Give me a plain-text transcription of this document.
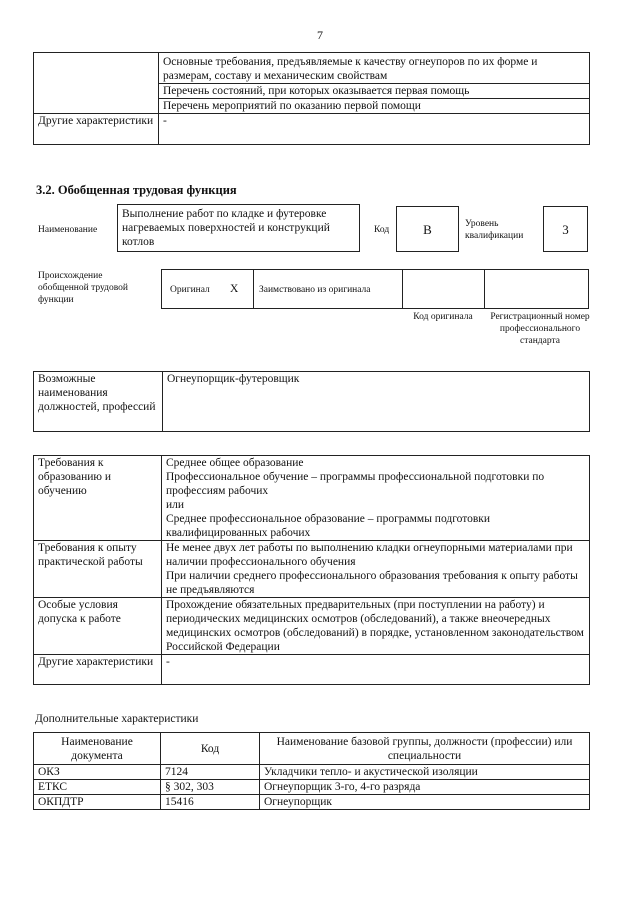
7
	Основные требования, предъявляемые к качеству огнеупоров по их форме и размерам, составу и механическим свойствам
	Перечень состояний, при которых оказывается первая помощь
	Перечень мероприятий по оказанию первой помощи
Другие характеристики	-
3.2. Обобщенная трудовая функция
Наименование
Выполнение работ по кладке и футеровке нагреваемых поверхностей и конструкций котлов
Код	B	Уровень квалификации	3
Происхождение обобщенной трудовой функции
Оригинал X Заимствовано из оригинала
Код оригинала	Регистрационный номер профессионального стандарта
Возможные наименования должностей, профессий	Огнеупорщик-футеровщик
Требования к образованию и обучению	Среднее общее образование
Профессиональное обучение – программы профессиональной подготовки по профессиям рабочих
или
Среднее профессиональное образование – программы подготовки квалифицированных рабочих

Требования к опыту практической работы	Не менее двух лет работы по выполнению кладки огнеупорными материалами при наличии профессионального обучения
При наличии среднего профессионального образования требования к опыту работы не предъявляются

Особые условия допуска к работе	Прохождение обязательных предварительных (при поступлении на работу) и периодических медицинских осмотров (обследований), а также внеочередных медицинских осмотров (обследований) в порядке, установленном законодательством Российской Федерации

Другие характеристики	-
Дополнительные характеристики
Наименование документа	Код	Наименование базовой группы, должности (профессии) или специальности
ОКЗ	7124	Укладчики тепло- и акустической изоляции
ЕТКС	§ 302, 303	Огнеупорщик 3-го, 4-го разряда
ОКПДТР	15416	Огнеупорщик
